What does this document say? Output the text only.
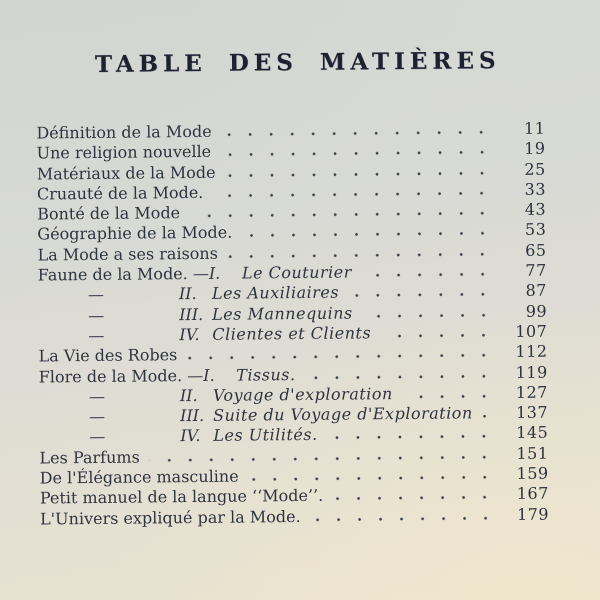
TABLE DES MATIÈRES
Définition de la Mode	11
Une religion nouvelle	19
Matériaux de la Mode	25
Cruauté de la Mode.	33
Bonté de la Mode	43
Géographie de la Mode.	53
La Mode a ses raisons	65
Faune de la Mode. — I.	Le Couturier	77
—	II. Les Auxiliaires	87
—	III. Les Mannequins	99
—	IV. Clientes et Clients	107
La Vie des Robes	112
Flore de la Mode. — I.	Tissus.	119
—	II. Voyage d'exploration	127
—	III. Suite du Voyage d'Exploration	137
—	IV. Les Utilités.	145
Les Parfums	151
De l'Élégance masculine	159
Petit manuel de la langue ‘‘Mode’’.	167
L'Univers expliqué par la Mode.	179
